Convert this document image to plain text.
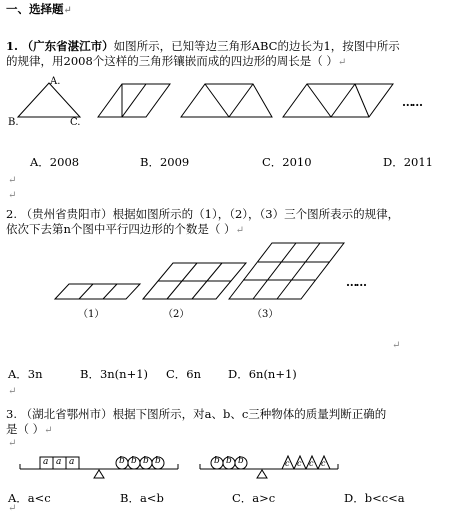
一、选择题↵
1. （广东省湛江市）如图所示，已知等边三角形ABC的边长为1，按图中所示
的规律，用2008个这样的三角形镶嵌而成的四边形的周长是（ ）↵
A.
B.	C.
……
A．2008	B．2009	C．2010	D．2011
↵
↵
2. （贵州省贵阳市）根据如图所示的（1），（2），（3）三个图所表示的规律，
依次下去第n个图中平行四边形的个数是（ ）↵
……
（1）	（2）	（3）
↵
A．3n	B．3n(n+1) C．6n D．6n(n+1)
↵
3. （湖北省鄂州市）根据下图所示，对a、b、c三种物体的质量判断正确的
是（ ）↵
↵
a a a	b b b b	b b b	c c c c
A．a<c	B．a<b	C．a>c	D．b<c<a
↵
